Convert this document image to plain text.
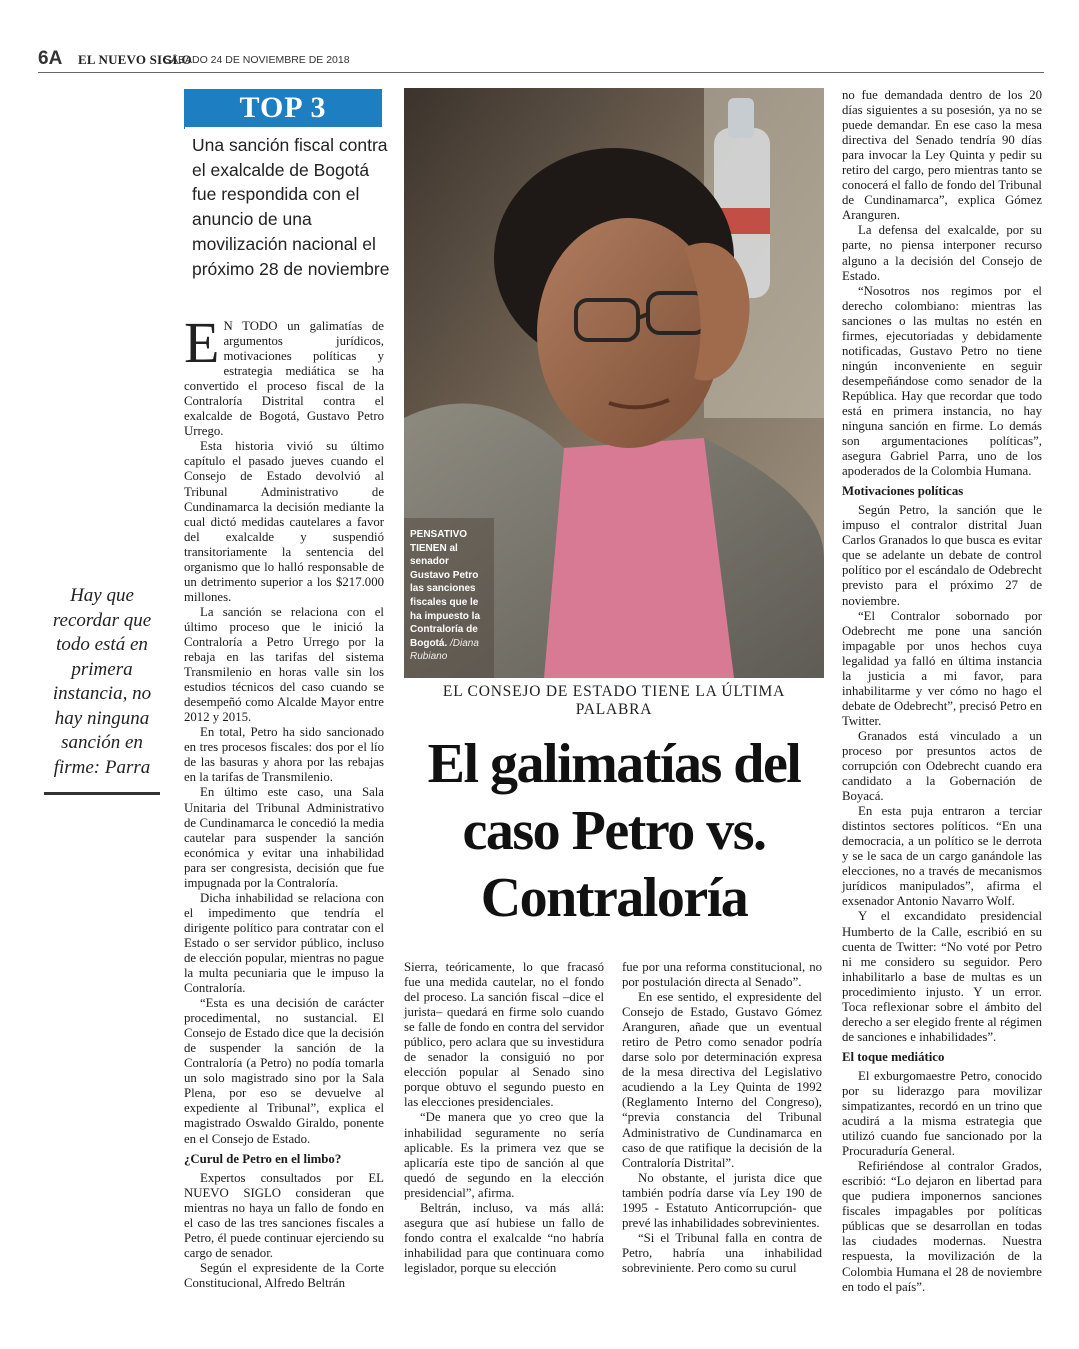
6A EL NUEVO SIGLO
SÁBADO 24 DE NOVIEMBRE DE 2018
TOP 3
Una sanción fiscal contra el exalcalde de Bogotá fue respondida con el anuncio de una movilización nacional el próximo 28 de noviembre
Hay que recordar que todo está en primera instancia, no hay ninguna sanción en firme: Parra

E N TODO un galimatías de argumentos jurídicos, motivaciones políticas y estrategia mediática se ha convertido el proceso fiscal de la Contraloría Distrital contra el exalcalde de Bogotá, Gustavo Petro Urrego.

Esta historia vivió su último capítulo el pasado jueves cuando el Consejo de Estado devolvió al Tribunal Administrativo de Cundinamarca la decisión mediante la cual dictó medidas cautelares a favor del exalcalde y suspendió transitoriamente la sentencia del organismo que lo halló responsable de un detrimento superior a los $217.000 millones.

La sanción se relaciona con el último proceso que le inició la Contraloría a Petro Urrego por la rebaja en las tarifas del sistema Transmilenio en horas valle sin los estudios técnicos del caso cuando se desempeñó como Alcalde Mayor entre 2012 y 2015.

En total, Petro ha sido sancionado en tres procesos fiscales: dos por el lío de las basuras y ahora por las rebajas en la tarifas de Transmilenio.

En último este caso, una Sala Unitaria del Tribunal Administrativo de Cundinamarca le concedió la media cautelar para suspender la sanción económica y evitar una inhabilidad para ser congresista, decisión que fue impugnada por la Contraloría.

Dicha inhabilidad se relaciona con el impedimento que tendría el dirigente político para contratar con el Estado o ser servidor público, incluso de elección popular, mientras no pague la multa pecuniaria que le impuso la Contraloría.

“Esta es una decisión de carácter procedimental, no sustancial. El Consejo de Estado dice que la decisión de suspender la sanción de la Contraloría (a Petro) no podía tomarla un solo magistrado sino por la Sala Plena, por eso se devuelve al expediente al Tribunal”, explica el magistrado Oswaldo Giraldo, ponente en el Consejo de Estado.

¿Curul de Petro en el limbo?

Expertos consultados por EL NUEVO SIGLO consideran que mientras no haya un fallo de fondo en el caso de las tres sanciones fiscales a Petro, él puede continuar ejerciendo su cargo de senador.

Según el expresidente de la Corte Constitucional, Alfredo Beltrán

PENSATIVO TIENEN al senador Gustavo Petro las sanciones fiscales que le ha impuesto la Contraloría de Bogotá. /Diana Rubiano
EL CONSEJO DE ESTADO TIENE LA ÚLTIMA PALABRA
El galimatías del caso Petro vs. Contraloría

Sierra, teóricamente, lo que fracasó fue una medida cautelar, no el fondo del proceso. La sanción fiscal –dice el jurista– quedará en firme solo cuando se falle de fondo en contra del servidor público, pero aclara que su investidura de senador la consiguió no por elección popular al Senado sino porque obtuvo el segundo puesto en las elecciones presidenciales.

“De manera que yo creo que la inhabilidad seguramente no sería aplicable. Es la primera vez que se aplicaría este tipo de sanción al que quedó de segundo en la elección presidencial”, afirma.

Beltrán, incluso, va más allá: asegura que así hubiese un fallo de fondo contra el exalcalde “no habría inhabilidad para que continuara como legislador, porque su elección

fue por una reforma constitucional, no por postulación directa al Senado”.

En ese sentido, el expresidente del Consejo de Estado, Gustavo Gómez Aranguren, añade que un eventual retiro de Petro como senador podría darse solo por determinación expresa de la mesa directiva del Legislativo acudiendo a la Ley Quinta de 1992 (Reglamento Interno del Congreso), “previa constancia del Tribunal Administrativo de Cundinamarca en caso de que ratifique la decisión de la Contraloría Distrital”.

No obstante, el jurista dice que también podría darse vía Ley 190 de 1995 - Estatuto Anticorrupción- que prevé las inhabilidades sobrevinientes.

“Si el Tribunal falla en contra de Petro, habría una inhabilidad sobreviniente. Pero como su curul

no fue demandada dentro de los 20 días siguientes a su posesión, ya no se puede demandar. En ese caso la mesa directiva del Senado tendría 90 días para invocar la Ley Quinta y pedir su retiro del cargo, pero mientras tanto se conocerá el fallo de fondo del Tribunal de Cundinamarca”, explica Gómez Aranguren.

La defensa del exalcalde, por su parte, no piensa interponer recurso alguno a la decisión del Consejo de Estado.

“Nosotros nos regimos por el derecho colombiano: mientras las sanciones o las multas no estén en firmes, ejecutoriadas y debidamente notificadas, Gustavo Petro no tiene ningún inconveniente en seguir desempeñándose como senador de la República. Hay que recordar que todo está en primera instancia, no hay ninguna sanción en firme. Lo demás son argumentaciones políticas”, asegura Gabriel Parra, uno de los apoderados de la Colombia Humana.

Motivaciones políticas

Según Petro, la sanción que le impuso el contralor distrital Juan Carlos Granados lo que busca es evitar que se adelante un debate de control político por el escándalo de Odebrecht previsto para el próximo 27 de noviembre.

“El Contralor sobornado por Odebrecht me pone una sanción impagable por unos hechos cuya legalidad ya falló en última instancia la justicia a mi favor, para inhabilitarme y ver cómo no hago el debate de Odebrecht”, precisó Petro en Twitter.

Granados está vinculado a un proceso por presuntos actos de corrupción con Odebrecht cuando era candidato a la Gobernación de Boyacá.

En esta puja entraron a terciar distintos sectores políticos. “En una democracia, a un político se le derrota y se le saca de un cargo ganándole las elecciones, no a través de mecanismos jurídicos manipulados”, afirma el exsenador Antonio Navarro Wolf.

Y el excandidato presidencial Humberto de la Calle, escribió en su cuenta de Twitter: “No voté por Petro ni me considero su seguidor. Pero inhabilitarlo a base de multas es un procedimiento injusto. Y un error. Toca reflexionar sobre el ámbito del derecho a ser elegido frente al régimen de sanciones e inhabilidades”.

El toque mediático

El exburgomaestre Petro, conocido por su liderazgo para movilizar simpatizantes, recordó en un trino que acudirá a la misma estrategia que utilizó cuando fue sancionado por la Procuraduría General.

Refiriéndose al contralor Grados, escribió: “Lo dejaron en libertad para que pudiera imponernos sanciones fiscales impagables por políticas públicas que se desarrollan en todas las ciudades modernas. Nuestra respuesta, la movilización de la Colombia Humana el 28 de noviembre en todo el país”.
